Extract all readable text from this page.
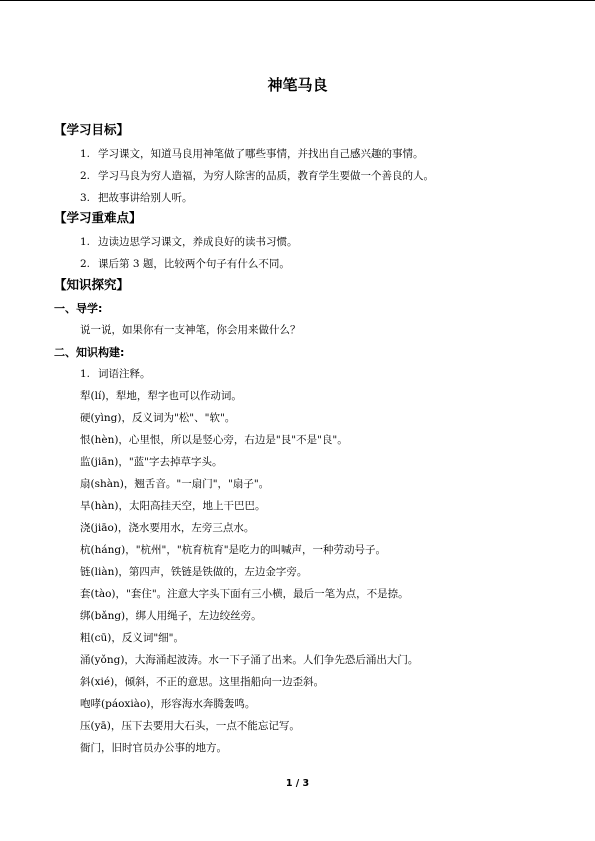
神笔马良
【学习目标】
1. 学习课文，知道马良用神笔做了哪些事情，并找出自己感兴趣的事情。
2. 学习马良为穷人造福，为穷人除害的品质，教育学生要做一个善良的人。
3. 把故事讲给别人听。
【学习重难点】
1. 边读边思学习课文，养成良好的读书习惯。
2. 课后第 3 题，比较两个句子有什么不同。
【知识探究】
一、导学:
说一说，如果你有一支神笔，你会用来做什么？
二、知识构建:
1. 词语注释。
犁(lí)，犁地，犁字也可以作动词。
硬(yìng)，反义词为"松"、"软"。
恨(hèn)，心里恨，所以是竖心旁，右边是"艮"不是"良"。
监(jiān)，"蓝"字去掉草字头。
扇(shàn)，翘舌音。"一扇门"，"扇子"。
旱(hàn)，太阳高挂天空，地上干巴巴。
浇(jiāo)，浇水要用水，左旁三点水。
杭(háng)，"杭州"，"杭育杭育"是吃力的叫喊声，一种劳动号子。
链(liàn)，第四声，铁链是铁做的，左边金字旁。
套(tào)，"套住"。注意大字头下面有三小横，最后一笔为点，不是捺。
绑(bǎng)，绑人用绳子，左边绞丝旁。
粗(cū)，反义词"细"。
涌(yǒng)，大海涌起波涛。水一下子涌了出来。人们争先恐后涌出大门。
斜(xié)，倾斜，不正的意思。这里指船向一边歪斜。
咆哮(páoxiào)，形容海水奔腾轰鸣。
压(yā)，压下去要用大石头，一点不能忘记写。
衙门，旧时官员办公事的地方。
1 / 3
